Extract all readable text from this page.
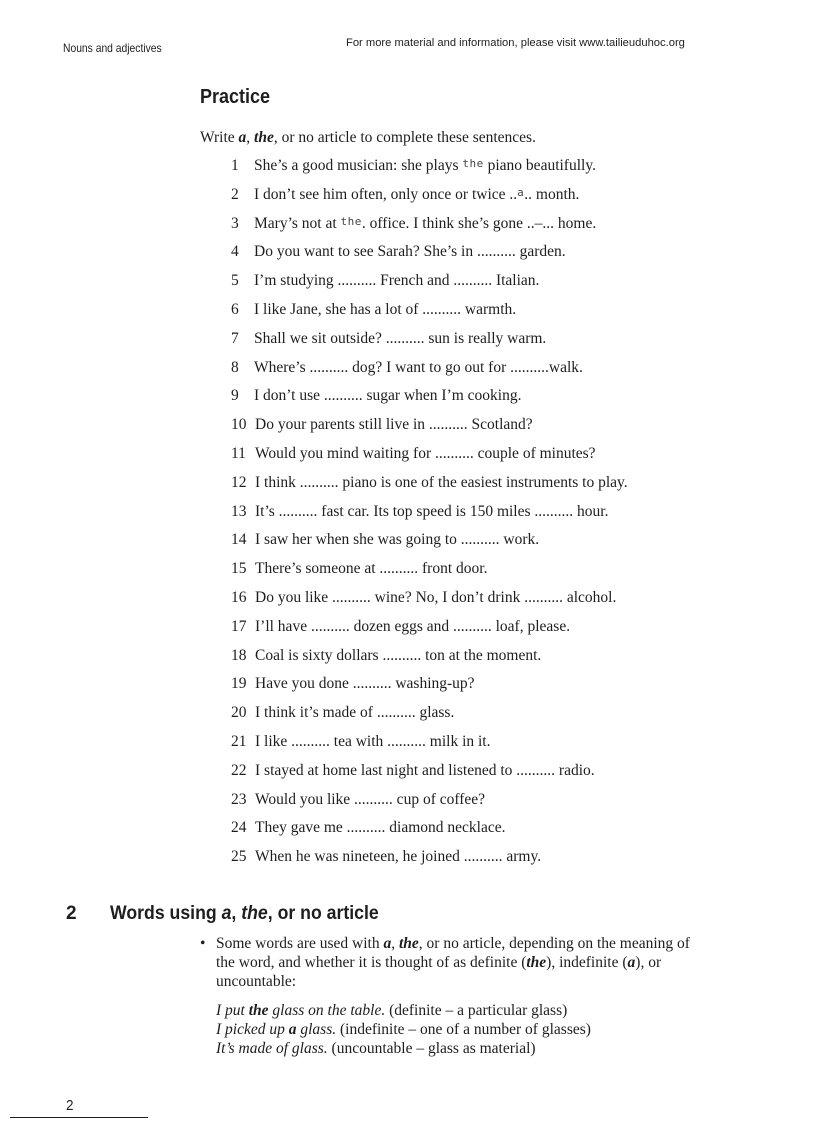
Nouns and adjectives	For more material and information, please visit www.tailieuduhoc.org
Practice
Write a, the, or no article to complete these sentences.
1 She’s a good musician: she plays the piano beautifully.
2 I don’t see him often, only once or twice ..a.. month.
3 Mary’s not at the. office. I think she’s gone ..–... home.
4 Do you want to see Sarah? She’s in .......... garden.
5 I’m studying .......... French and .......... Italian.
6 I like Jane, she has a lot of .......... warmth.
7 Shall we sit outside? .......... sun is really warm.
8 Where’s .......... dog? I want to go out for ..........walk.
9 I don’t use .......... sugar when I’m cooking.
10 Do your parents still live in .......... Scotland?
11 Would you mind waiting for .......... couple of minutes?
12 I think .......... piano is one of the easiest instruments to play.
13 It’s .......... fast car. Its top speed is 150 miles .......... hour.
14 I saw her when she was going to .......... work.
15 There’s someone at .......... front door.
16 Do you like .......... wine? No, I don’t drink .......... alcohol.
17 I’ll have .......... dozen eggs and .......... loaf, please.
18 Coal is sixty dollars .......... ton at the moment.
19 Have you done .......... washing-up?
20 I think it’s made of .......... glass.
21 I like .......... tea with .......... milk in it.
22 I stayed at home last night and listened to .......... radio.
23 Would you like .......... cup of coffee?
24 They gave me .......... diamond necklace.
25 When he was nineteen, he joined .......... army.
2 Words using a, the, or no article
• Some words are used with a, the, or no article, depending on the meaning of
the word, and whether it is thought of as definite (the), indefinite (a), or
uncountable:
I put the glass on the table. (definite – a particular glass)
I picked up a glass. (indefinite – one of a number of glasses)
It’s made of glass. (uncountable – glass as material)
2
